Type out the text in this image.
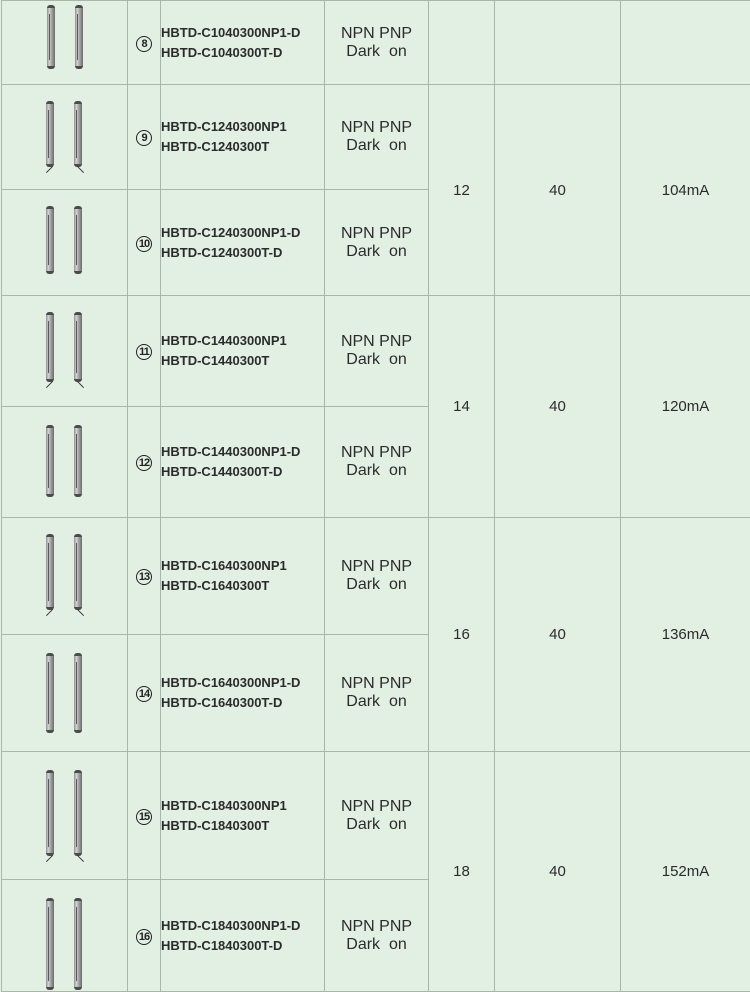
	8	HBTD-C1040300NP1-D
HBTD-C1040300T-D	NPN PNP
Dark  on			

	9	HBTD-C1240300NP1
HBTD-C1240300T	NPN PNP
Dark  on	12	40	104mA

	10	HBTD-C1240300NP1-D
HBTD-C1240300T-D	NPN PNP
Dark  on			

	11	HBTD-C1440300NP1
HBTD-C1440300T	NPN PNP
Dark  on	14	40	120mA

	12	HBTD-C1440300NP1-D
HBTD-C1440300T-D	NPN PNP
Dark  on			

	13	HBTD-C1640300NP1
HBTD-C1640300T	NPN PNP
Dark  on	16	40	136mA

	14	HBTD-C1640300NP1-D
HBTD-C1640300T-D	NPN PNP
Dark  on			

	15	HBTD-C1840300NP1
HBTD-C1840300T	NPN PNP
Dark  on	18	40	152mA

	16	HBTD-C1840300NP1-D
HBTD-C1840300T-D	NPN PNP
Dark  on			
